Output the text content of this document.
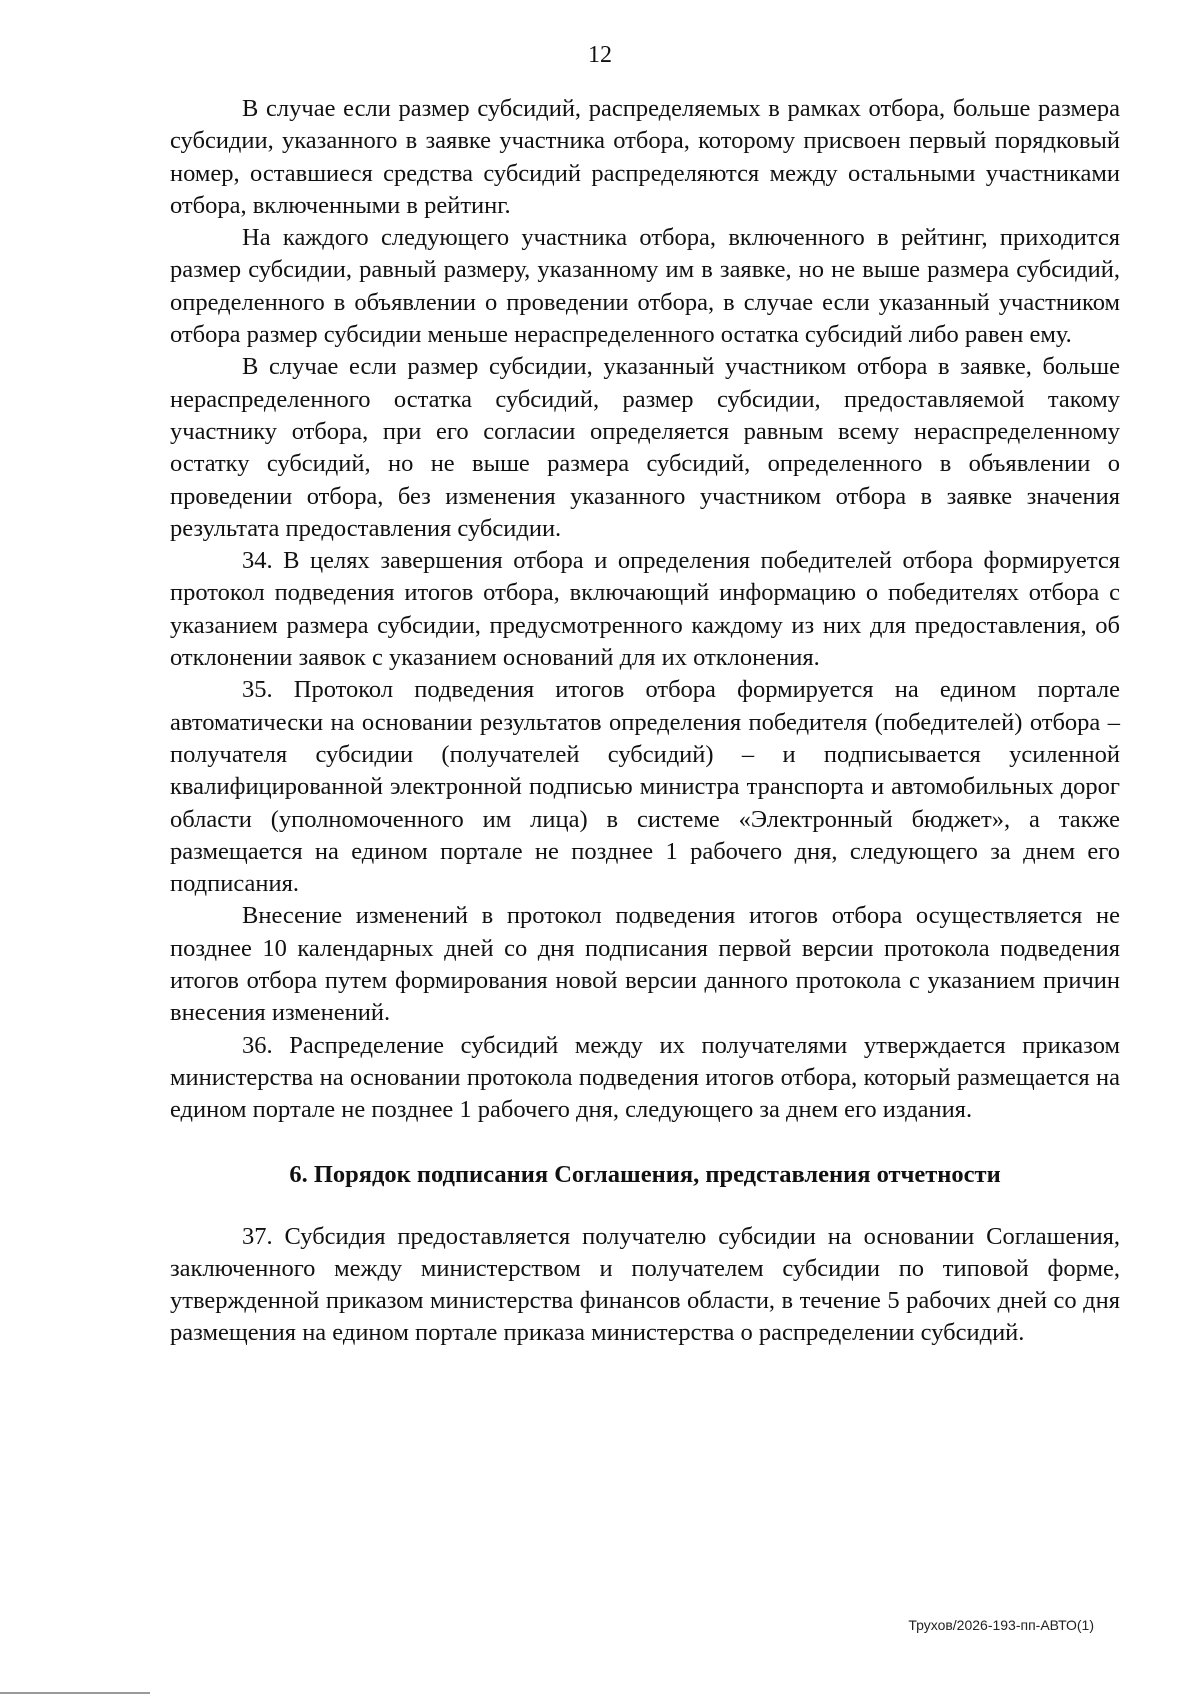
12

В случае если размер субсидий, распределяемых в рамках отбора, больше размера субсидии, указанного в заявке участника отбора, которому присвоен первый порядковый номер, оставшиеся средства субсидий распределяются между остальными участниками отбора, включенными в рейтинг.

На каждого следующего участника отбора, включенного в рейтинг, приходится размер субсидии, равный размеру, указанному им в заявке, но не выше размера субсидий, определенного в объявлении о проведении отбора, в случае если указанный участником отбора размер субсидии меньше нераспределенного остатка субсидий либо равен ему.

В случае если размер субсидии, указанный участником отбора в заявке, больше нераспределенного остатка субсидий, размер субсидии, предоставляемой такому участнику отбора, при его согласии определяется равным всему нераспределенному остатку субсидий, но не выше размера субсидий, определенного в объявлении о проведении отбора, без изменения указанного участником отбора в заявке значения результата предоставления субсидии.

34. В целях завершения отбора и определения победителей отбора формируется протокол подведения итогов отбора, включающий информацию о победителях отбора с указанием размера субсидии, предусмотренного каждому из них для предоставления, об отклонении заявок с указанием оснований для их отклонения.

35. Протокол подведения итогов отбора формируется на едином портале автоматически на основании результатов определения победителя (победителей) отбора – получателя субсидии (получателей субсидий) – и подписывается усиленной квалифицированной электронной подписью министра транспорта и автомобильных дорог области (уполномоченного им лица) в системе «Электронный бюджет», а также размещается на едином портале не позднее 1 рабочего дня, следующего за днем его подписания.

Внесение изменений в протокол подведения итогов отбора осуществляется не позднее 10 календарных дней со дня подписания первой версии протокола подведения итогов отбора путем формирования новой версии данного протокола с указанием причин внесения изменений.

36. Распределение субсидий между их получателями утверждается приказом министерства на основании протокола подведения итогов отбора, который размещается на едином портале не позднее 1 рабочего дня, следующего за днем его издания.

6. Порядок подписания Соглашения, представления отчетности

37. Субсидия предоставляется получателю субсидии на основании Соглашения, заключенного между министерством и получателем субсидии по типовой форме, утвержденной приказом министерства финансов области, в течение 5 рабочих дней со дня размещения на едином портале приказа министерства о распределении субсидий.

Трухов/2026-193-пп-АВТО(1)
